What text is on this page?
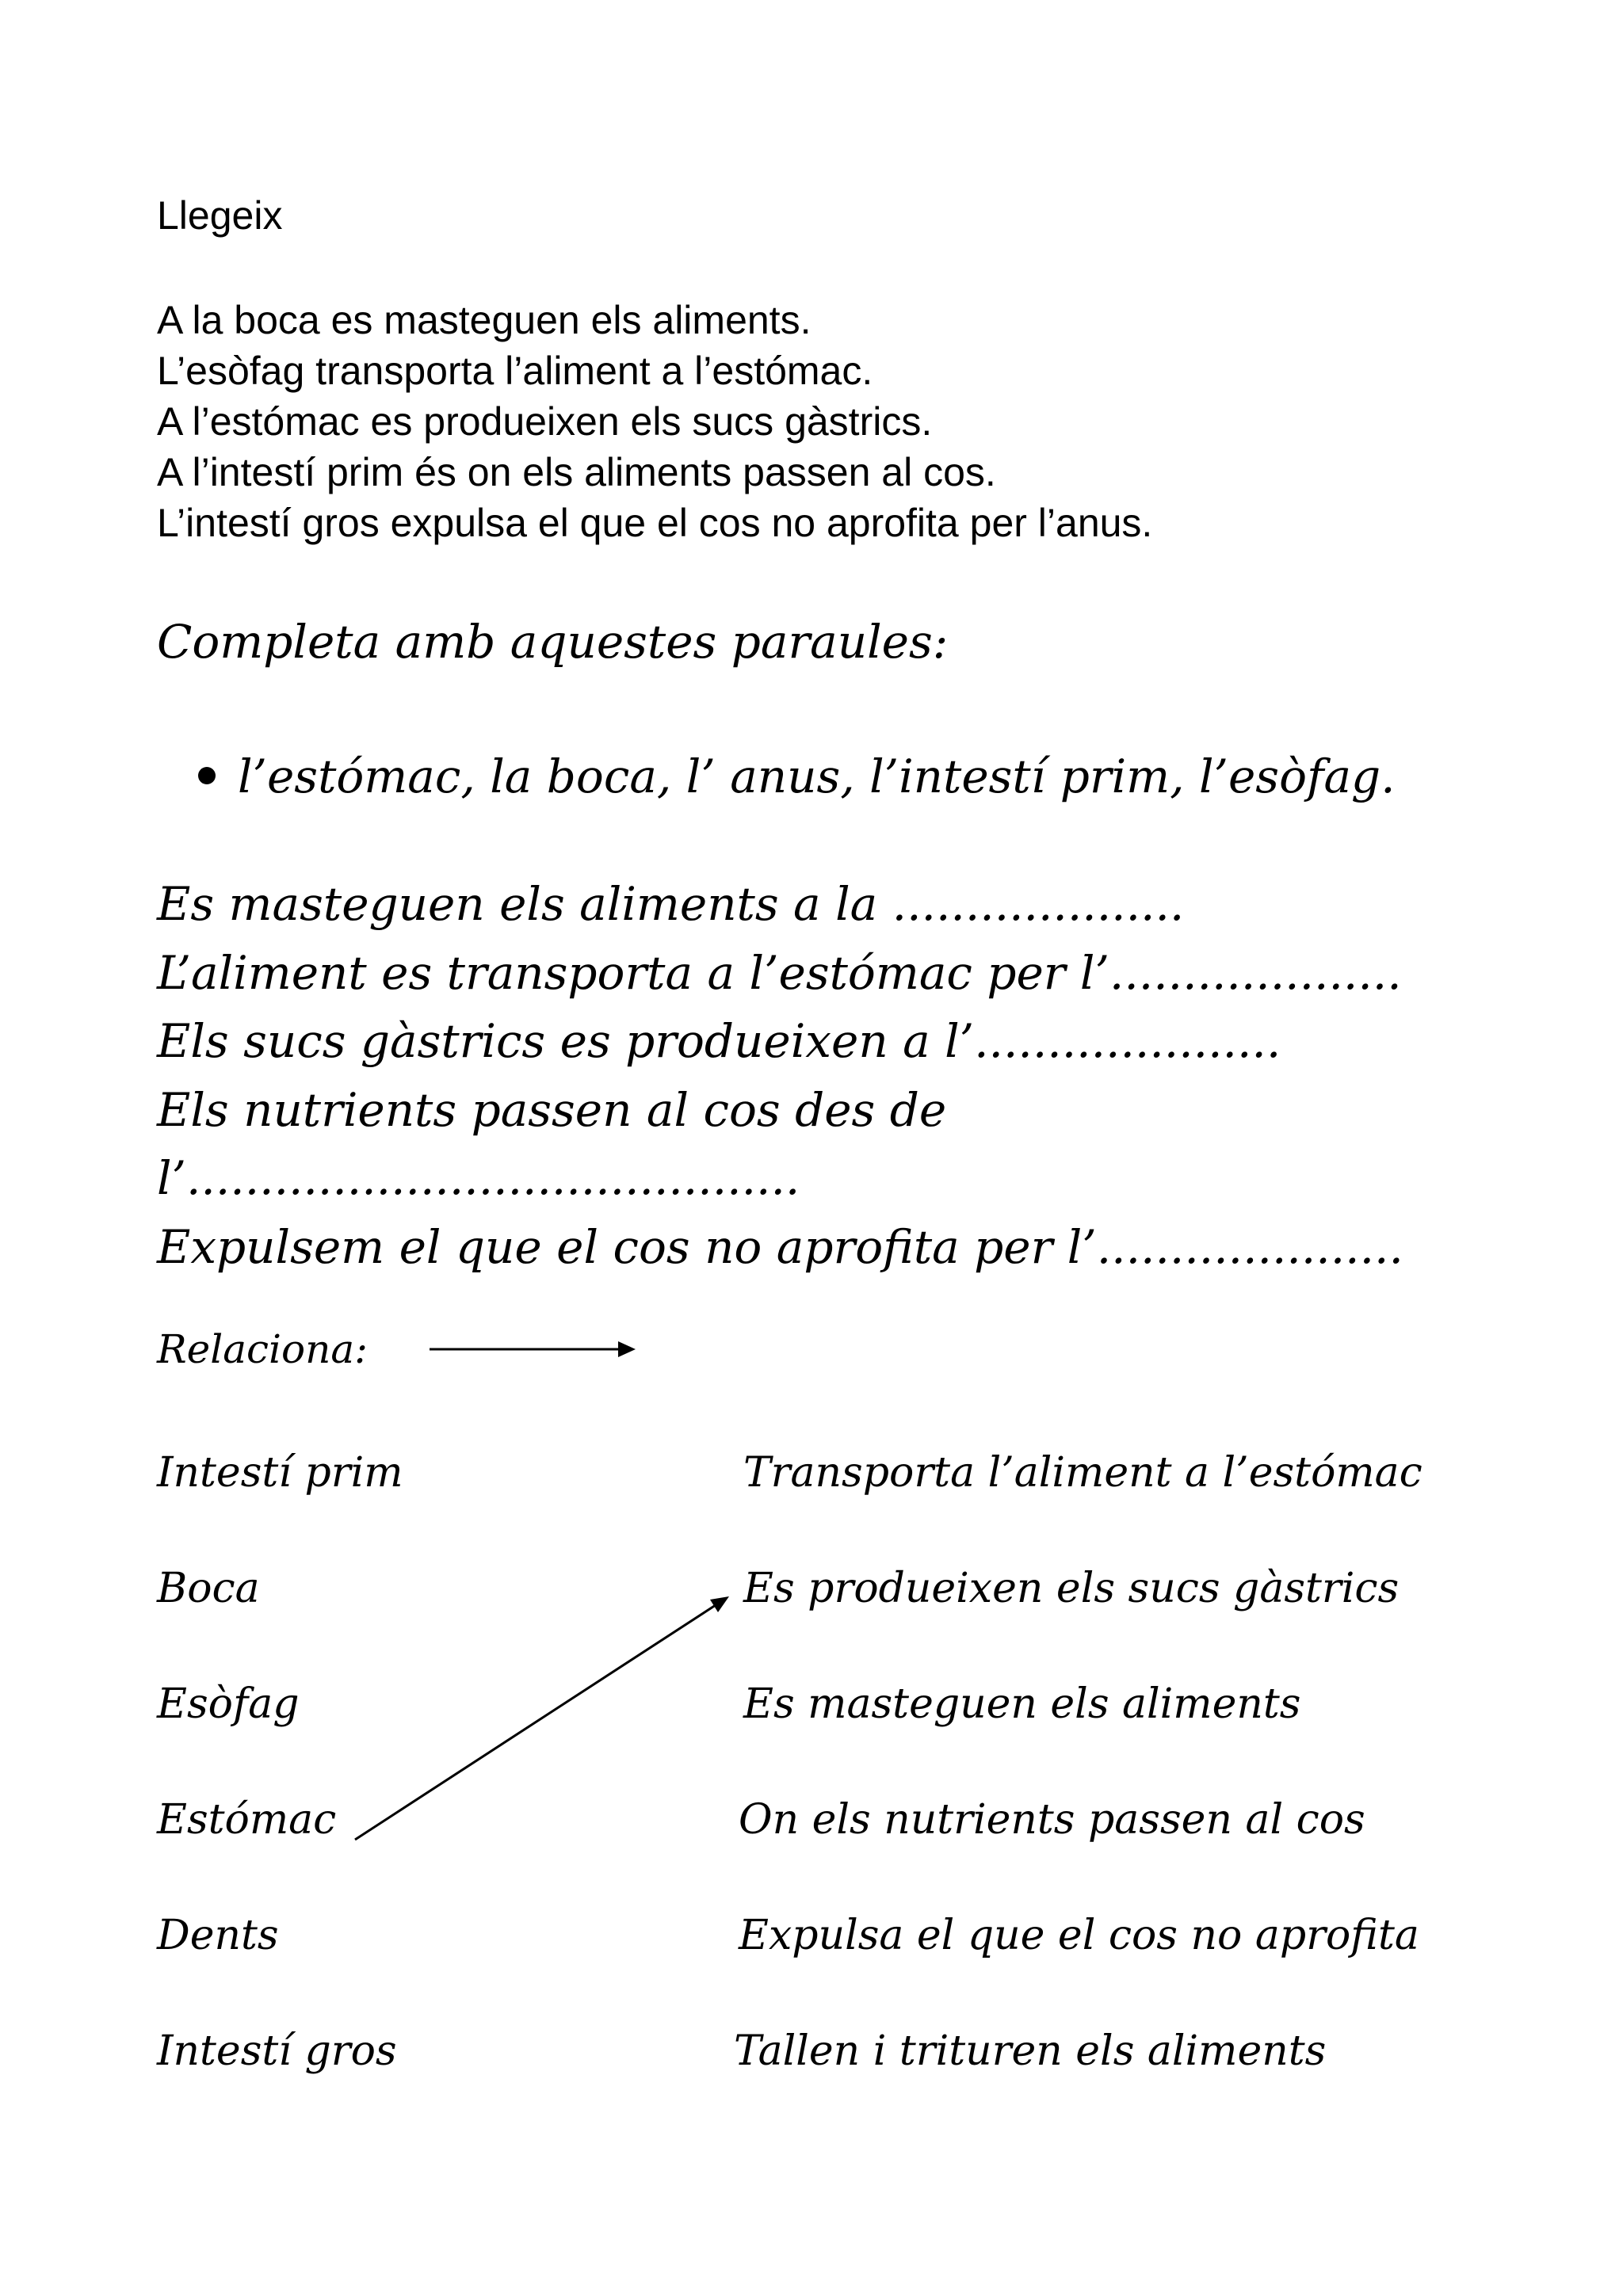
Llegeix
A la boca es masteguen els aliments.
L’esòfag transporta l’aliment a l’estómac.
A l’estómac es produeixen els sucs gàstrics.
A l’intestí prim és on els aliments passen al cos.
L’intestí gros expulsa el que el cos no aprofita per l’anus.
Completa amb aquestes paraules:
l’estómac, la boca, l’ anus, l’intestí prim, l’esòfag.
Es masteguen els aliments a la ....................
L’aliment es transporta a l’estómac per l’....................
Els sucs gàstrics es produeixen a l’.....................
Els nutrients passen al cos des de
l’..........................................
Expulsem el que el cos no aprofita per l’.....................
Relaciona:
Intestí prim
Boca
Esòfag
Estómac
Dents
Intestí gros
Transporta l’aliment a l’estómac
Es produeixen els sucs gàstrics
Es masteguen els aliments
On els nutrients passen al cos
Expulsa el que el cos no aprofita
Tallen i trituren els aliments
